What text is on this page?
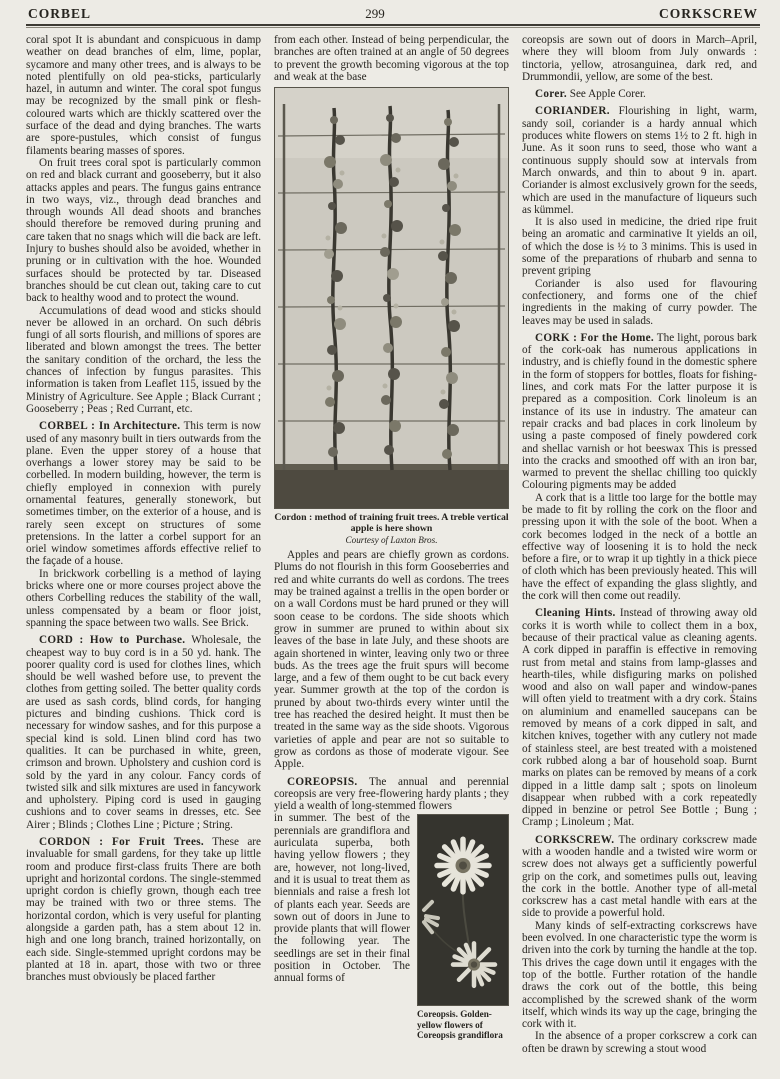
CORBEL	299	CORKSCREW

coral spot It is abundant and conspicuous in damp weather on dead branches of elm, lime, poplar, sycamore and many other trees, and is always to be noted plentifully on old pea-sticks, particularly hazel, in autumn and winter. The coral spot fungus may be recognized by the small pink or flesh-coloured warts which are thickly scattered over the surface of the dead and dying branches. The warts are spore-pustules, which consist of fungus filaments bearing masses of spores.

On fruit trees coral spot is particularly common on red and black currant and gooseberry, but it also attacks apples and pears. The fungus gains entrance in two ways, viz., through dead branches and through wounds All dead shoots and branches should therefore be removed during pruning and care taken that no snags which will die back are left. Injury to bushes should also be avoided, whether in pruning or in cultivation with the hoe. Wounded surfaces should be protected by tar. Diseased branches should be cut clean out, taking care to cut back to healthy wood and to protect the wound.

Accumulations of dead wood and sticks should never be allowed in an orchard. On such débris fungi of all sorts flourish, and millions of spores are liberated and blown amongst the trees. The better the sanitary condition of the orchard, the less the chances of infection by fungus parasites. This information is taken from Leaflet 115, issued by the Ministry of Agriculture. See Apple ; Black Currant ; Gooseberry ; Peas ; Red Currant, etc.

CORBEL : In Architecture. This term is now used of any masonry built in tiers outwards from the plane. Even the upper storey of a house that overhangs a lower storey may be said to be corbelled. In modern building, however, the term is chiefly employed in connexion with purely ornamental features, generally stonework, but sometimes timber, on the exterior of a house, and is rarely seen except on structures of some pretensions. In the latter a corbel support for an oriel window sometimes affords effective relief to the façade of a house.

In brickwork corbelling is a method of laying bricks where one or more courses project above the others Corbelling reduces the stability of the wall, unless compensated by a beam or floor joist, spanning the space between two walls. See Brick.

CORD : How to Purchase. Wholesale, the cheapest way to buy cord is in a 50 yd. hank. The poorer quality cord is used for clothes lines, which should be well washed before use, to prevent the clothes from getting soiled. The better quality cords are used as sash cords, blind cords, for hanging pictures and binding cushions. Thick cord is necessary for window sashes, and for this purpose a special kind is sold. Linen blind cord has two qualities. It can be purchased in white, green, crimson and brown. Upholstery and cushion cord is sold by the yard in any colour. Fancy cords of twisted silk and silk mixtures are used in fancywork and upholstery. Piping cord is used in gauging cushions and to cover seams in dresses, etc. See Airer ; Blinds ; Clothes Line ; Picture ; String.

CORDON : For Fruit Trees. These are invaluable for small gardens, for they take up little room and produce first-class fruits There are both upright and horizontal cordons. The single-stemmed upright cordon is chiefly grown, though each tree may be trained with two or three stems. The horizontal cordon, which is very useful for planting alongside a garden path, has a stem about 12 in. high and one long branch, trained horizontally, on each side. Single-stemmed upright cordons may be planted at 18 in. apart, those with two or three branches must obviously be placed farther

from each other. Instead of being perpendicular, the branches are often trained at an angle of 50 degrees to prevent the growth becoming vigorous at the top and weak at the base

Cordon : method of training fruit trees. A treble vertical apple is here shown
Courtesy of Laxton Bros.

Apples and pears are chiefly grown as cordons. Plums do not flourish in this form Gooseberries and red and white currants do well as cordons. The trees may be trained against a trellis in the open border or on a wall Cordons must be hard pruned or they will soon cease to be cordons. The side shoots which grow in summer are pruned to within about six leaves of the base in late July, and these shoots are again shortened in winter, leaving only two or three buds. As the trees age the fruit spurs will become large, and a few of them ought to be cut back every year. Summer growth at the top of the cordon is pruned by about two-thirds every winter until the tree has reached the desired height. It must then be treated in the same way as the side shoots. Vigorous varieties of apple and pear are not so suitable to grow as cordons as those of moderate vigour. See Apple.

COREOPSIS. The annual and perennial coreopsis are very free-flowering hardy plants ; they yield a wealth of long-stemmed flowers

Coreopsis. Golden-yellow flowers of Coreopsis grandiflora

in summer. The best of the perennials are grandiflora and auriculata superba, both having yellow flowers ; they are, however, not long-lived, and it is usual to treat them as biennials and raise a fresh lot of plants each year. Seeds are sown out of doors in June to provide plants that will flower the following year. The seedlings are set in their final position in October. The annual forms of

coreopsis are sown out of doors in March–April, where they will bloom from July onwards : tinctoria, yellow, atrosanguinea, dark red, and Drummondii, yellow, are some of the best.

Corer. See Apple Corer.

CORIANDER. Flourishing in light, warm, sandy soil, coriander is a hardy annual which produces white flowers on stems 1½ to 2 ft. high in June. As it soon runs to seed, those who want a continuous supply should sow at intervals from March onwards, and thin to about 9 in. apart. Coriander is almost exclusively grown for the seeds, which are used in the manufacture of liqueurs such as kümmel.

It is also used in medicine, the dried ripe fruit being an aromatic and carminative It yields an oil, of which the dose is ½ to 3 minims. This is used in some of the preparations of rhubarb and senna to prevent griping

Coriander is also used for flavouring confectionery, and forms one of the chief ingredients in the making of curry powder. The leaves may be used in salads.

CORK : For the Home. The light, porous bark of the cork-oak has numerous applications in industry, and is chiefly found in the domestic sphere in the form of stoppers for bottles, floats for fishing-lines, and cork mats For the latter purpose it is prepared as a composition. Cork linoleum is an instance of its use in industry. The amateur can repair cracks and bad places in cork linoleum by using a paste composed of finely powdered cork and shellac varnish or hot beeswax This is pressed into the cracks and smoothed off with an iron bar, warmed to prevent the shellac chilling too quickly Colouring pigments may be added

A cork that is a little too large for the bottle may be made to fit by rolling the cork on the floor and pressing upon it with the sole of the boot. When a cork becomes lodged in the neck of a bottle an effective way of loosening it is to hold the neck before a fire, or to wrap it up tightly in a thick piece of cloth which has been previously heated. This will have the effect of expanding the glass slightly, and the cork will then come out readily.

Cleaning Hints. Instead of throwing away old corks it is worth while to collect them in a box, because of their practical value as cleaning agents. A cork dipped in paraffin is effective in removing rust from metal and stains from lamp-glasses and hearth-tiles, while disfiguring marks on polished wood and also on wall paper and window-panes will often yield to treatment with a dry cork. Stains on aluminium and enamelled saucepans can be removed by means of a cork dipped in salt, and kitchen knives, together with any cutlery not made of stainless steel, are best treated with a moistened cork rubbed along a bar of household soap. Burnt marks on plates can be removed by means of a cork dipped in a little damp salt ; spots on linoleum disappear when rubbed with a cork repeatedly dipped in benzine or petrol See Bottle ; Bung ; Cramp ; Linoleum ; Mat.

CORKSCREW. The ordinary corkscrew made with a wooden handle and a twisted wire worm or screw does not always get a sufficiently powerful grip on the cork, and sometimes pulls out, leaving the cork in the bottle. Another type of all-metal corkscrew has a cast metal handle with ears at the side to provide a powerful hold.

Many kinds of self-extracting corkscrews have been evolved. In one characteristic type the worm is driven into the cork by turning the handle at the top. This drives the cage down until it engages with the top of the bottle. Further rotation of the handle draws the cork out of the bottle, this being accomplished by the screwed shank of the worm itself, which winds its way up the cage, bringing the cork with it.

In the absence of a proper corkscrew a cork can often be drawn by screwing a stout wood
